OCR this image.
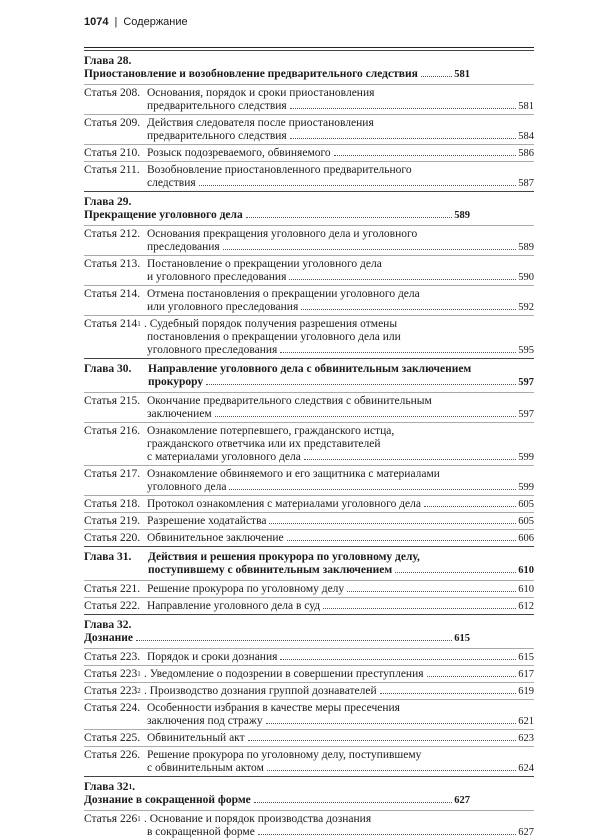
1074 | Содержание
Глава 28.
Приостановление и возобновление предварительного следствия	581
Статья 208. Основания, порядок и сроки приостановления
предварительного следствия	581
Статья 209. Действия следователя после приостановления
предварительного следствия	584
Статья 210. Розыск подозреваемого, обвиняемого	586
Статья 211. Возобновление приостановленного предварительного
следствия	587
Глава 29.
Прекращение уголовного дела	589
Статья 212. Основания прекращения уголовного дела и уголовного
преследования	589
Статья 213. Постановление о прекращении уголовного дела
и уголовного преследования	590
Статья 214. Отмена постановления о прекращении уголовного дела
или уголовного преследования	592
Статья $214^1$ . Судебный порядок получения разрешения отмены
постановления о прекращении уголовного дела или
уголовного преследования	595
Глава 30.	Направление уголовного дела с обвинительным заключением
прокурору	597
Статья 215. Окончание предварительного следствия с обвинительным
заключением	597
Статья 216. Ознакомление потерпевшего, гражданского истца,
гражданского ответчика или их представителей
с материалами уголовного дела	599
Статья 217. Ознакомление обвиняемого и его защитника с материалами
уголовного дела	599
Статья 218. Протокол ознакомления с материалами уголовного дела	605
Статья 219. Разрешение ходатайства	605
Статья 220. Обвинительное заключение	606
Глава 31.	Действия и решения прокурора по уголовному делу,
поступившему с обвинительным заключением	610
Статья 221. Решение прокурора по уголовному делу	610
Статья 222. Направление уголовного дела в суд	612
Глава 32.
Дознание	615
Статья 223. Порядок и сроки дознания	615
Статья $223^1$ . Уведомление о подозрении в совершении преступления	617
Статья $223^2$ . Производство дознания группой дознавателей	619
Статья 224. Особенности избрания в качестве меры пресечения
заключения под стражу	621
Статья 225. Обвинительный акт	623
Статья 226. Решение прокурора по уголовному делу, поступившему
с обвинительным актом	624
Глава $32^1$.
Дознание в сокращенной форме	627
Статья $226^1$ . Основание и порядок производства дознания
в сокращенной форме	627
